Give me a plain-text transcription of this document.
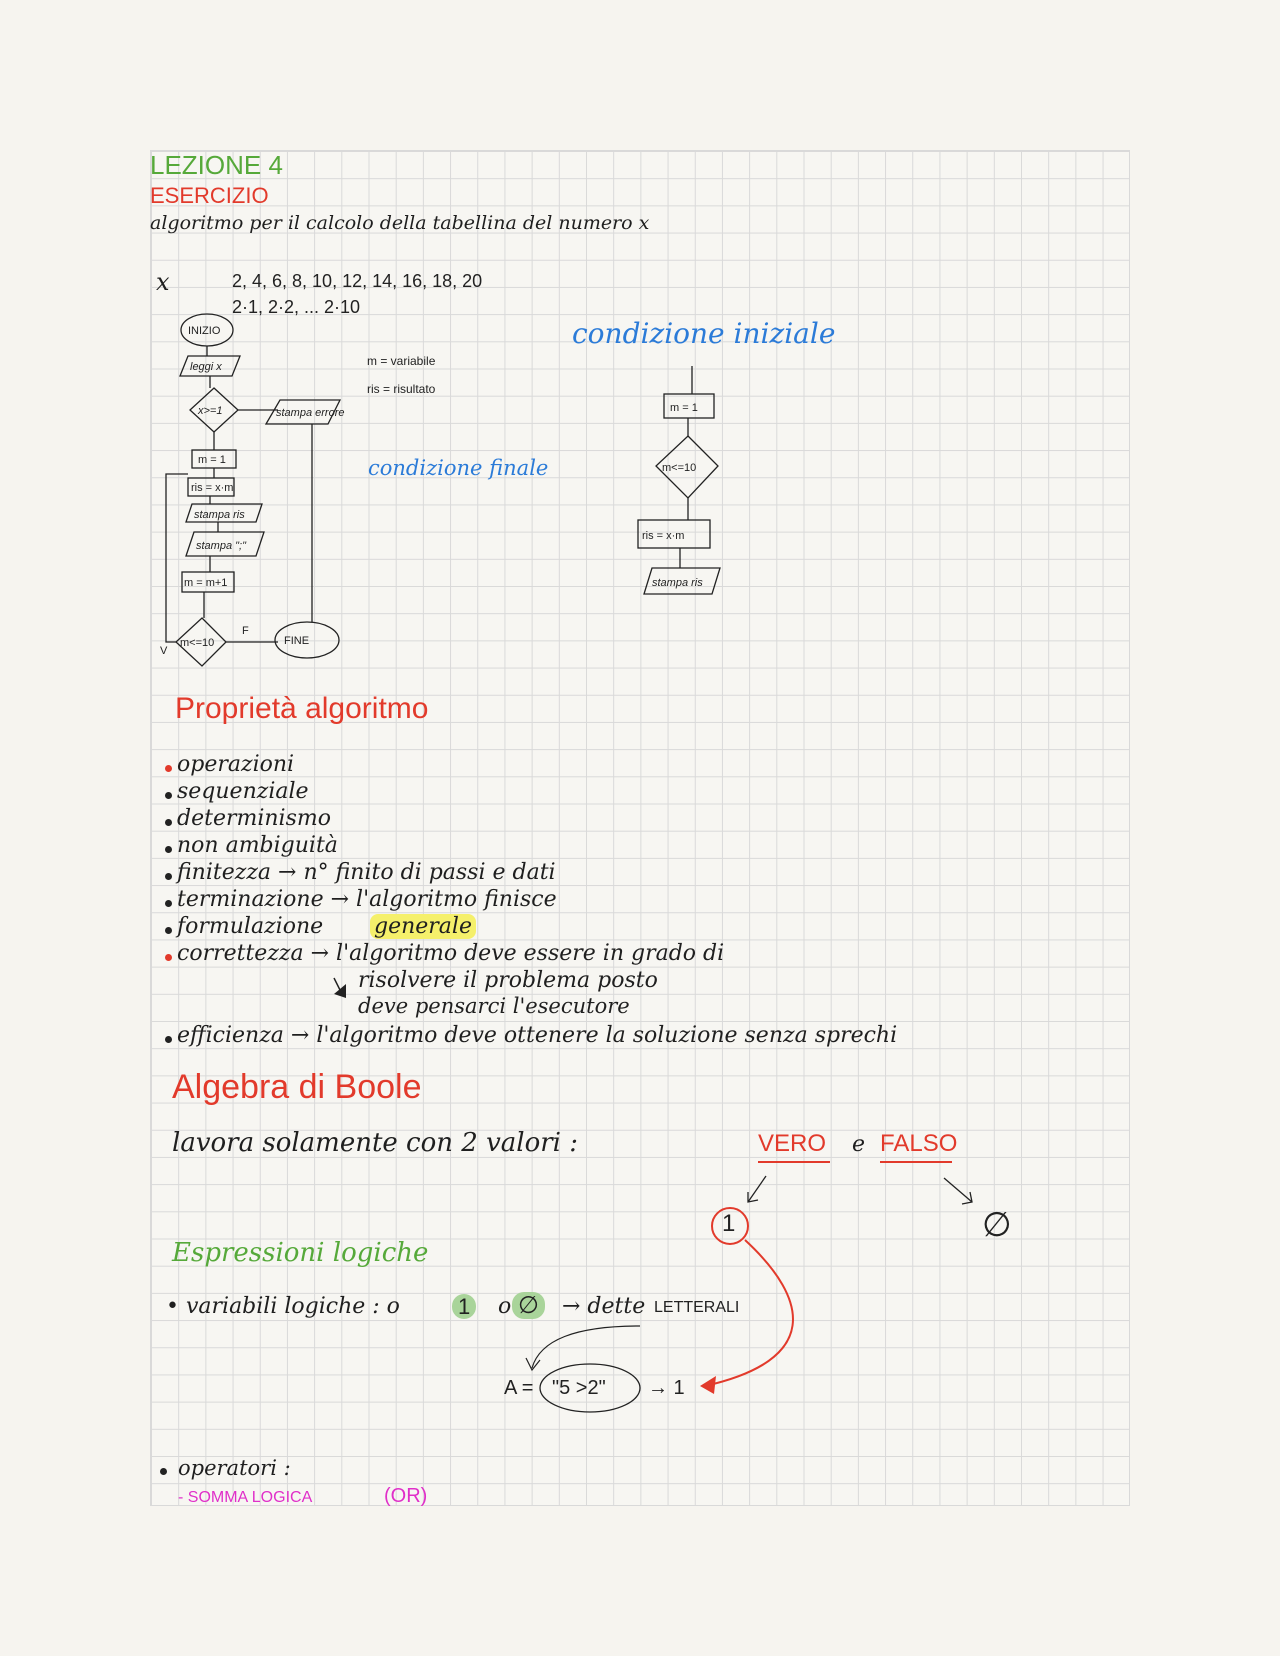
LEZIONE 4
ESERCIZIO
algoritmo per il calcolo della tabellina del numero x
x	2, 4, 6, 8, 10, 12, 14, 16, 18, 20
2·1, 2·2, ... 2·10
INIZIO
leggi x
x>=1	stampa errore
m = 1
ris = x·m
stampa ris
stampa ";"
m = m+1
m<=10
F
V
FINE
m = 1
m<=10
ris = x·m
stampa ris
m = variabile
ris = risultato
condizione iniziale
condizione finale
Proprietà algoritmo
operazioni
sequenziale
determinismo
non ambiguità
finitezza → n° finito di passi e dati
terminazione → l'algoritmo finisce
formulazione generale
correttezza → l'algoritmo deve essere in grado di
risolvere il problema posto
deve pensarci l'esecutore
efficienza → l'algoritmo deve ottenere la soluzione senza sprechi
Algebra di Boole
lavora solamente con 2 valori :	VERO e FALSO
1	∅
Espressioni logiche
• variabili logiche : o	1 o ∅ → dette LETTERALI
A = "5 >2" → 1
operatori :
- SOMMA LOGICA	(OR)
